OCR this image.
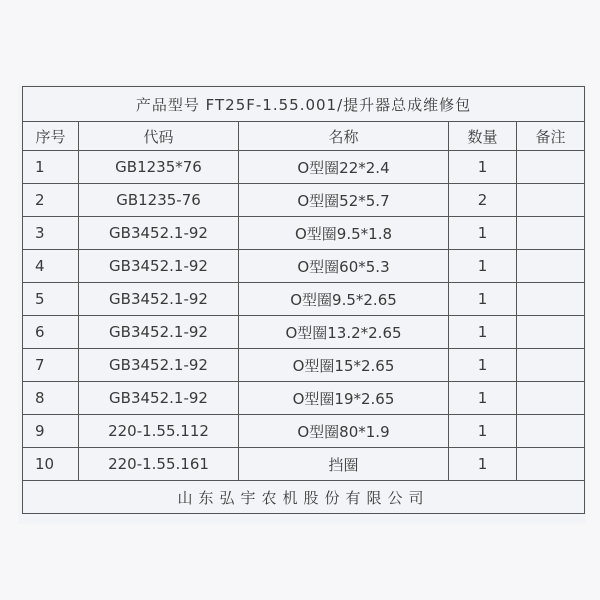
产品型号 FT25F-1.55.001/提升器总成维修包				
序号	代码	名称	数量	备注
1	GB1235*76	O型圈22*2.4	1	
2	GB1235-76	O型圈52*5.7	2	
3	GB3452.1-92	O型圈9.5*1.8	1	
4	GB3452.1-92	O型圈60*5.3	1	
5	GB3452.1-92	O型圈9.5*2.65	1	
6	GB3452.1-92	O型圈13.2*2.65	1	
7	GB3452.1-92	O型圈15*2.65	1	
8	GB3452.1-92	O型圈19*2.65	1	
9	220-1.55.112	O型圈80*1.9	1	
10	220-1.55.161	挡圈	1	
山东弘宇农机股份有限公司				
